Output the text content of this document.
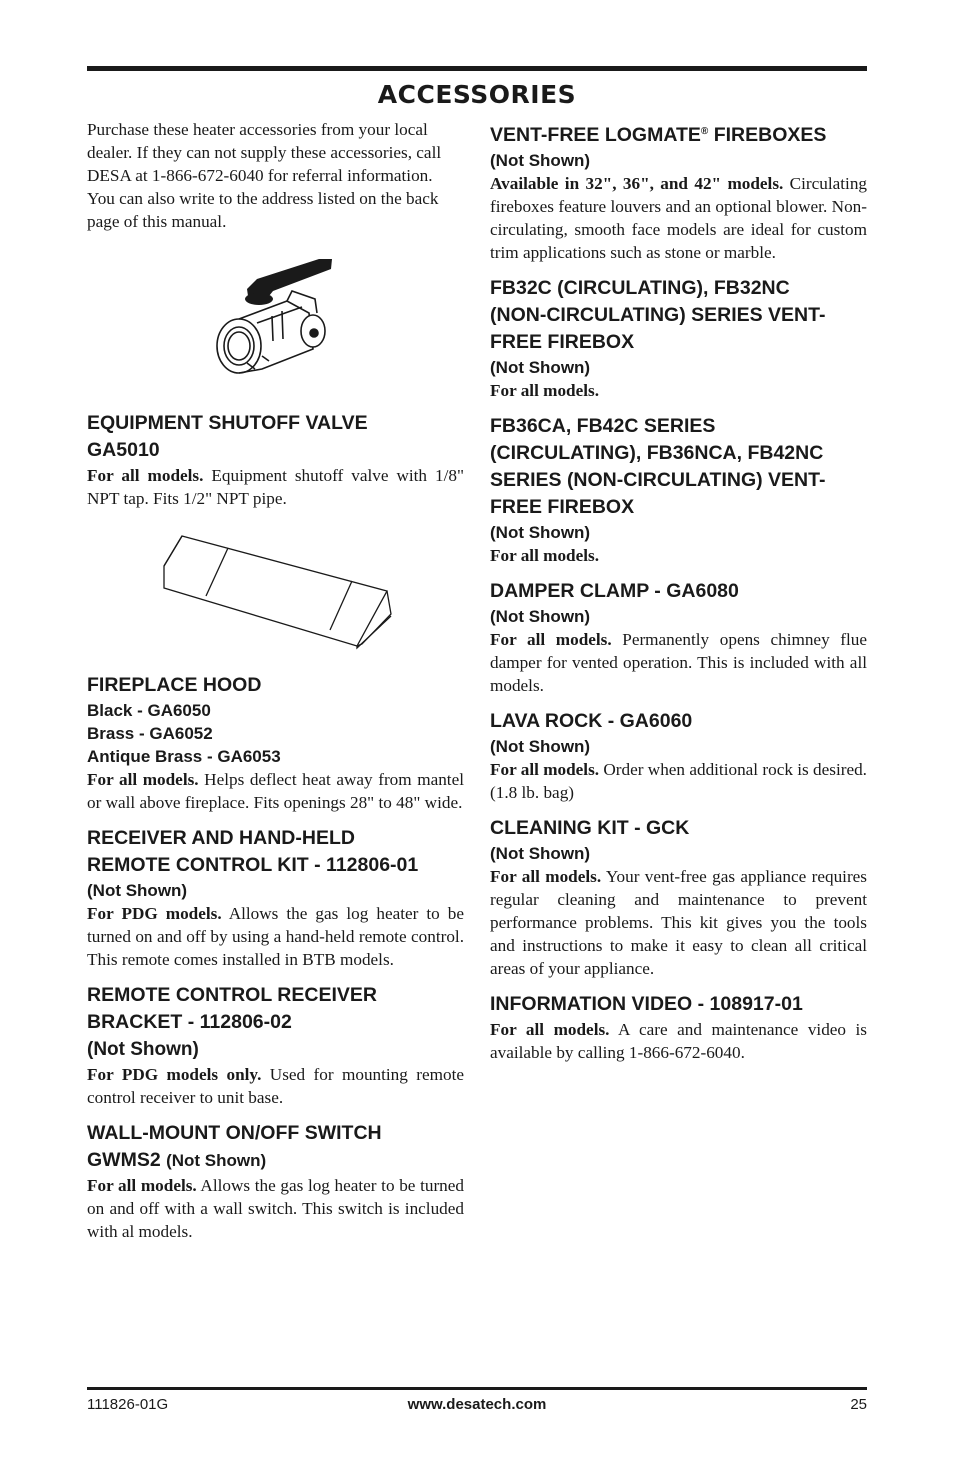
ACCESSORIES

Purchase these heater accessories from your local dealer. If they can not supply these accessories, call DESA at 1-866-672-6040 for referral information. You can also write to the address listed on the back page of this manual.

EQUIPMENT SHUTOFF VALVE
GA5010

For all models. Equipment shutoff valve with 1/8" NPT tap. Fits 1/2" NPT pipe.

FIREPLACE HOOD

Black - GA6050

Brass - GA6052

Antique Brass - GA6053

For all models. Helps deflect heat away from mantel or wall above fireplace. Fits openings 28" to 48" wide.

RECEIVER AND HAND-HELD
REMOTE CONTROL KIT - 112806-01

(Not Shown)

For PDG models. Allows the gas log heater to be turned on and off by using a hand-held remote control. This remote comes installed in BTB models.

REMOTE CONTROL RECEIVER
BRACKET - 112806-02

(Not Shown)

For PDG models only. Used for mounting remote control receiver to unit base.

WALL-MOUNT ON/OFF SWITCH
GWMS2 (Not Shown)

For all models. Allows the gas log heater to be turned on and off with a wall switch. This switch is included with al models.

VENT-FREE LOGMATE® FIREBOXES

(Not Shown)

Available in 32", 36", and 42" models. Circulating fireboxes feature louvers and an optional blower. Non-circulating, smooth face models are ideal for custom trim applications such as stone or marble.

FB32C (CIRCULATING), FB32NC
(NON-CIRCULATING) SERIES VENT-
FREE FIREBOX

(Not Shown)

For all models.

FB36CA, FB42C SERIES
(CIRCULATING), FB36NCA, FB42NC
SERIES (NON-CIRCULATING) VENT-
FREE FIREBOX

(Not Shown)

For all models.

DAMPER CLAMP - GA6080

(Not Shown)

For all models. Permanently opens chimney flue damper for vented operation. This is included with all models.

LAVA ROCK - GA6060

(Not Shown)

For all models. Order when additional rock is desired. (1.8 lb. bag)

CLEANING KIT - GCK

(Not Shown)

For all models. Your vent-free gas appliance requires regular cleaning and maintenance to prevent performance problems. This kit gives you the tools and instructions to make it easy to clean all critical areas of your appliance.

INFORMATION VIDEO - 108917-01

For all models. A care and maintenance video is available by calling 1-866-672-6040.

111826-01G	www.desatech.com	25
